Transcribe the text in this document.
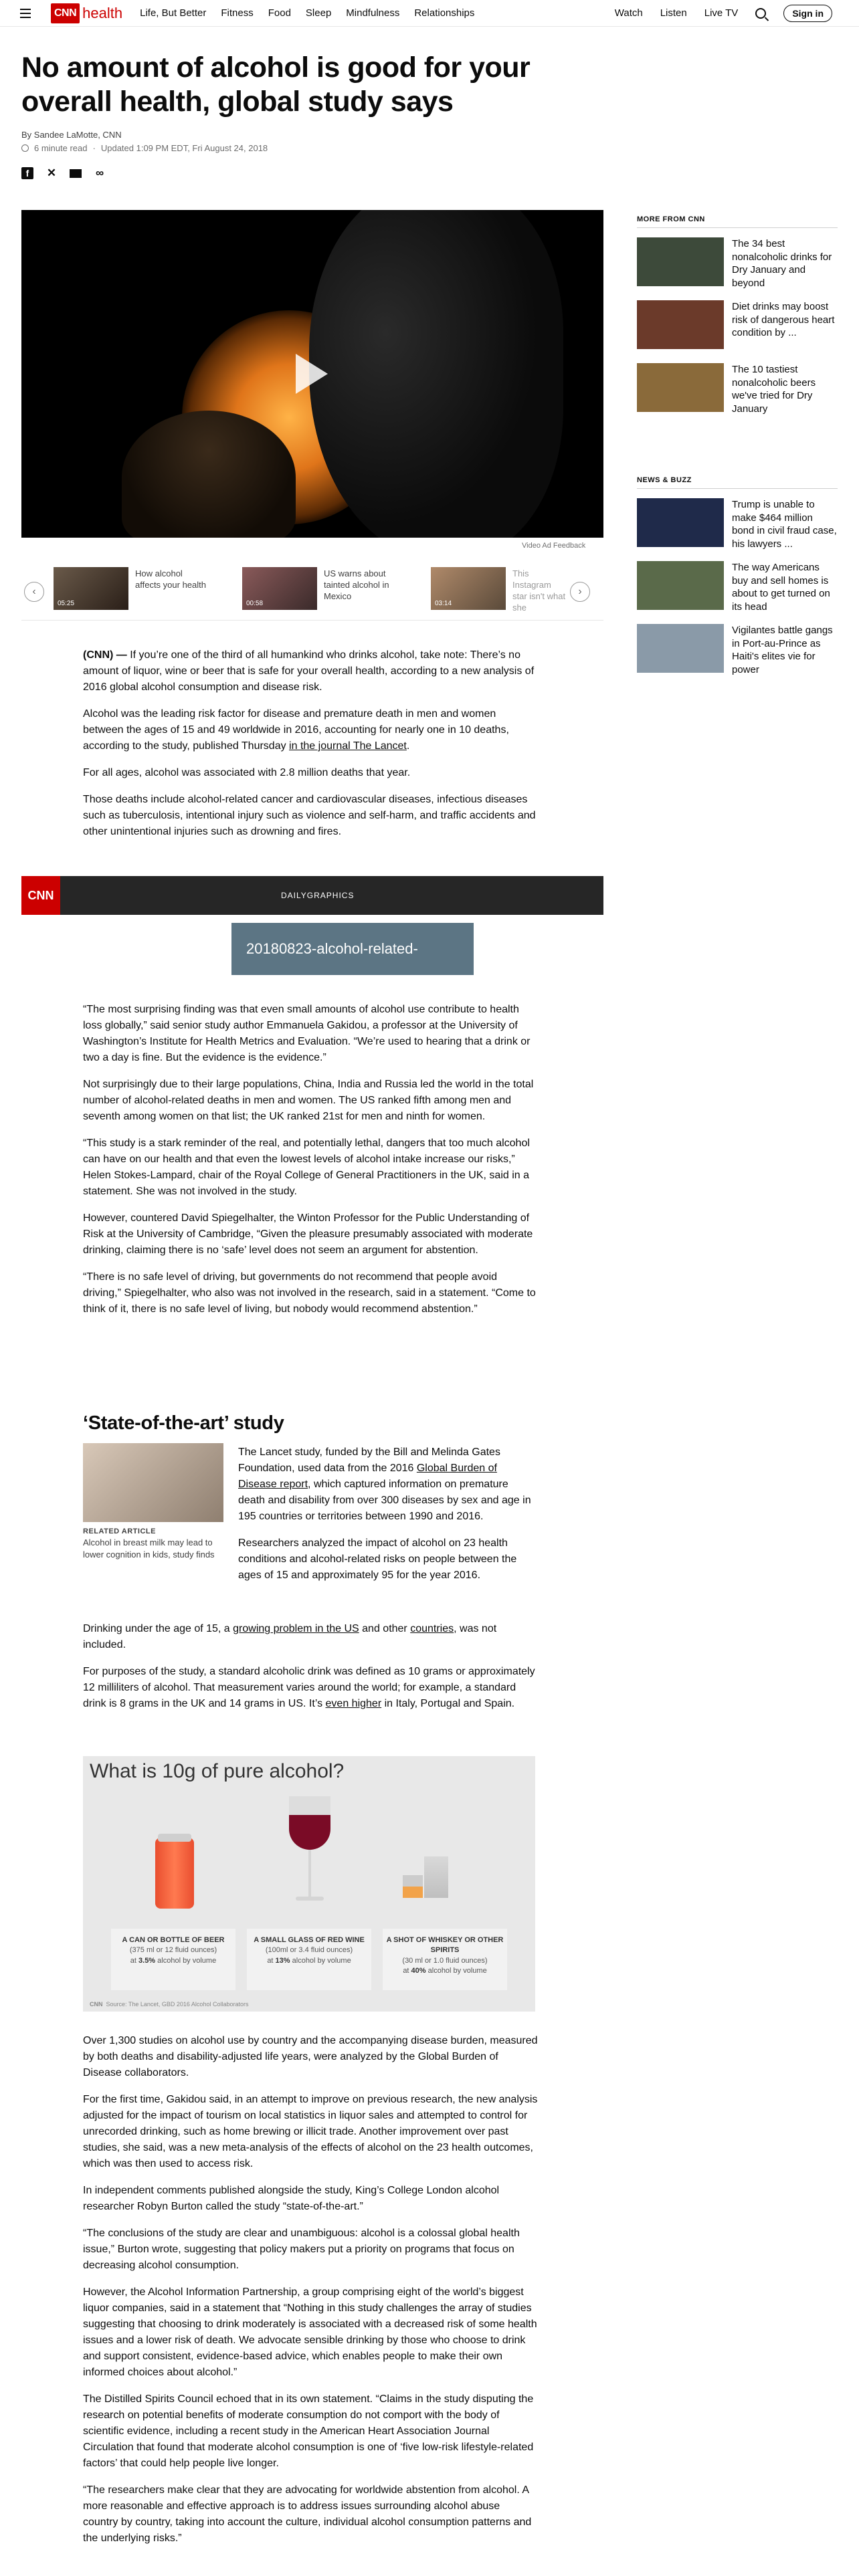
CNN health Life, But Better Fitness Food Sleep Mindfulness Relationships	Watch Listen Live TV	Sign in
No amount of alcohol is good for your overall health, global study says
By Sandee LaMotte, CNN
6 minute read · Updated 1:09 PM EDT, Fri August 24, 2018
f	✕	∞
Video Ad Feedback
‹
05:25
How alcohol affects your health
00:58
US warns about tainted alcohol in Mexico
03:14
This Instagram star isn't what she
›

(CNN) — If you’re one of the third of all humankind who drinks alcohol, take note: There’s no amount of liquor, wine or beer that is safe for your overall health, according to a new analysis of 2016 global alcohol consumption and disease risk.

Alcohol was the leading risk factor for disease and premature death in men and women between the ages of 15 and 49 worldwide in 2016, accounting for nearly one in 10 deaths, according to the study, published Thursday in the journal The Lancet.

For all ages, alcohol was associated with 2.8 million deaths that year.

Those deaths include alcohol-related cancer and cardiovascular diseases, infectious diseases such as tuberculosis, intentional injury such as violence and self-harm, and traffic accidents and other unintentional injuries such as drowning and fires.

CNN	DAILYGRAPHICS
20180823-alcohol-related-

“The most surprising finding was that even small amounts of alcohol use contribute to health loss globally,” said senior study author Emmanuela Gakidou, a professor at the University of Washington’s Institute for Health Metrics and Evaluation. “We’re used to hearing that a drink or two a day is fine. But the evidence is the evidence.”

Not surprisingly due to their large populations, China, India and Russia led the world in the total number of alcohol-related deaths in men and women. The US ranked fifth among men and seventh among women on that list; the UK ranked 21st for men and ninth for women.

“This study is a stark reminder of the real, and potentially lethal, dangers that too much alcohol can have on our health and that even the lowest levels of alcohol intake increase our risks,” Helen Stokes-Lampard, chair of the Royal College of General Practitioners in the UK, said in a statement. She was not involved in the study.

However, countered David Spiegelhalter, the Winton Professor for the Public Understanding of Risk at the University of Cambridge, “Given the pleasure presumably associated with moderate drinking, claiming there is no ‘safe’ level does not seem an argument for abstention.

“There is no safe level of driving, but governments do not recommend that people avoid driving,” Spiegelhalter, who also was not involved in the research, said in a statement. “Come to think of it, there is no safe level of living, but nobody would recommend abstention.”

‘State-of-the-art’ study
RELATED ARTICLE
Alcohol in breast milk may lead to lower cognition in kids, study finds

The Lancet study, funded by the Bill and Melinda Gates Foundation, used data from the 2016 Global Burden of Disease report, which captured information on premature death and disability from over 300 diseases by sex and age in 195 countries or territories between 1990 and 2016.

Researchers analyzed the impact of alcohol on 23 health conditions and alcohol-related risks on people between the ages of 15 and approximately 95 for the year 2016.

Drinking under the age of 15, a growing problem in the US and other countries, was not included.

For purposes of the study, a standard alcoholic drink was defined as 10 grams or approximately 12 milliliters of alcohol. That measurement varies around the world; for example, a standard drink is 8 grams in the UK and 14 grams in US. It’s even higher in Italy, Portugal and Spain.

What is 10g of pure alcohol?
A CAN OR BOTTLE OF BEER
(375 ml or 12 fluid ounces)
at 3.5% alcohol by volume
A SMALL GLASS OF RED WINE
(100ml or 3.4 fluid ounces)
at 13% alcohol by volume
A SHOT OF WHISKEY OR OTHER SPIRITS
(30 ml or 1.0 fluid ounces)
at 40% alcohol by volume
CNN Source: The Lancet, GBD 2016 Alcohol Collaborators

Over 1,300 studies on alcohol use by country and the accompanying disease burden, measured by both deaths and disability-adjusted life years, were analyzed by the Global Burden of Disease collaborators.

For the first time, Gakidou said, in an attempt to improve on previous research, the new analysis adjusted for the impact of tourism on local statistics in liquor sales and attempted to control for unrecorded drinking, such as home brewing or illicit trade. Another improvement over past studies, she said, was a new meta-analysis of the effects of alcohol on the 23 health outcomes, which was then used to access risk.

In independent comments published alongside the study, King’s College London alcohol researcher Robyn Burton called the study “state-of-the-art.”

“The conclusions of the study are clear and unambiguous: alcohol is a colossal global health issue,” Burton wrote, suggesting that policy makers put a priority on programs that focus on decreasing alcohol consumption.

However, the Alcohol Information Partnership, a group comprising eight of the world’s biggest liquor companies, said in a statement that “Nothing in this study challenges the array of studies suggesting that choosing to drink moderately is associated with a decreased risk of some health issues and a lower risk of death. We advocate sensible drinking by those who choose to drink and support consistent, evidence-based advice, which enables people to make their own informed choices about alcohol.”

The Distilled Spirits Council echoed that in its own statement. “Claims in the study disputing the research on potential benefits of moderate consumption do not comport with the body of scientific evidence, including a recent study in the American Heart Association Journal Circulation that found that moderate alcohol consumption is one of ‘five low-risk lifestyle-related factors’ that could help people live longer.

“The researchers make clear that they are advocating for worldwide abstention from alcohol. A more reasonable and effective approach is to address issues surrounding alcohol abuse country by country, taking into account the culture, individual alcohol consumption patterns and the underlying risks.”

MORE FROM CNN
The 34 best nonalcoholic drinks for Dry January and beyond
Diet drinks may boost risk of dangerous heart condition by ...
The 10 tastiest nonalcoholic beers we've tried for Dry January
NEWS & BUZZ
Trump is unable to make $464 million bond in civil fraud case, his lawyers ...
The way Americans buy and sell homes is about to get turned on its head
Vigilantes battle gangs in Port-au-Prince as Haiti's elites vie for power
